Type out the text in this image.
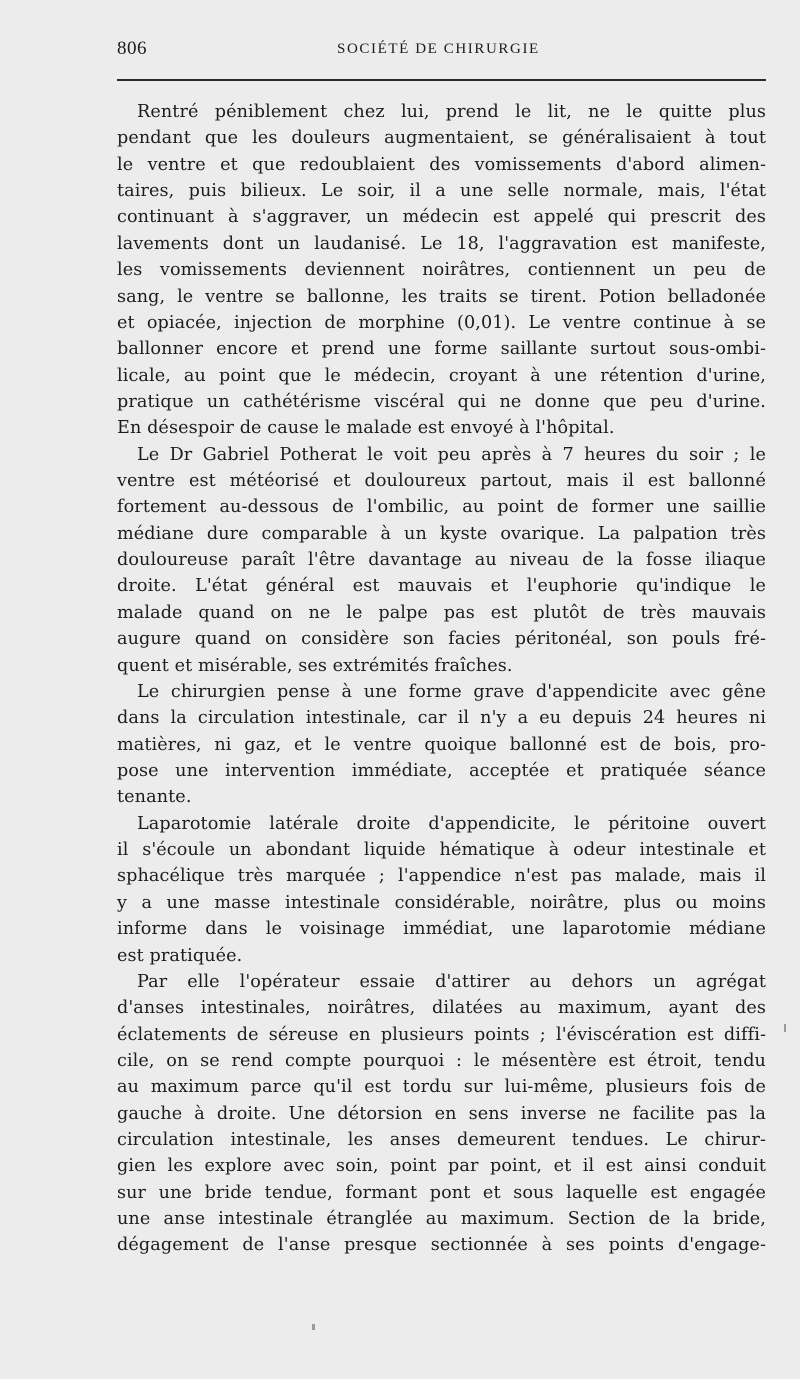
806	SOCIÉTÉ DE CHIRURGIE
Rentré péniblement chez lui, prend le lit, ne le quitte plus
pendant que les douleurs augmentaient, se généralisaient à tout
le ventre et que redoublaient des vomissements d'abord alimen-
taires, puis bilieux. Le soir, il a une selle normale, mais, l'état
continuant à s'aggraver, un médecin est appelé qui prescrit des
lavements dont un laudanisé. Le 18, l'aggravation est manifeste,
les vomissements deviennent noirâtres, contiennent un peu de
sang, le ventre se ballonne, les traits se tirent. Potion belladonée
et opiacée, injection de morphine (0,01). Le ventre continue à se
ballonner encore et prend une forme saillante surtout sous-ombi-
licale, au point que le médecin, croyant à une rétention d'urine,
pratique un cathétérisme viscéral qui ne donne que peu d'urine.
En désespoir de cause le malade est envoyé à l'hôpital.
Le Dr Gabriel Potherat le voit peu après à 7 heures du soir ; le
ventre est météorisé et douloureux partout, mais il est ballonné
fortement au-dessous de l'ombilic, au point de former une saillie
médiane dure comparable à un kyste ovarique. La palpation très
douloureuse paraît l'être davantage au niveau de la fosse iliaque
droite. L'état général est mauvais et l'euphorie qu'indique le
malade quand on ne le palpe pas est plutôt de très mauvais
augure quand on considère son facies péritonéal, son pouls fré-
quent et misérable, ses extrémités fraîches.
Le chirurgien pense à une forme grave d'appendicite avec gêne
dans la circulation intestinale, car il n'y a eu depuis 24 heures ni
matières, ni gaz, et le ventre quoique ballonné est de bois, pro-
pose une intervention immédiate, acceptée et pratiquée séance
tenante.
Laparotomie latérale droite d'appendicite, le péritoine ouvert
il s'écoule un abondant liquide hématique à odeur intestinale et
sphacélique très marquée ; l'appendice n'est pas malade, mais il
y a une masse intestinale considérable, noirâtre, plus ou moins
informe dans le voisinage immédiat, une laparotomie médiane
est pratiquée.
Par elle l'opérateur essaie d'attirer au dehors un agrégat
d'anses intestinales, noirâtres, dilatées au maximum, ayant des
éclatements de séreuse en plusieurs points ; l'éviscération est diffi-
cile, on se rend compte pourquoi : le mésentère est étroit, tendu
au maximum parce qu'il est tordu sur lui-même, plusieurs fois de
gauche à droite. Une détorsion en sens inverse ne facilite pas la
circulation intestinale, les anses demeurent tendues. Le chirur-
gien les explore avec soin, point par point, et il est ainsi conduit
sur une bride tendue, formant pont et sous laquelle est engagée
une anse intestinale étranglée au maximum. Section de la bride,
dégagement de l'anse presque sectionnée à ses points d'engage-
